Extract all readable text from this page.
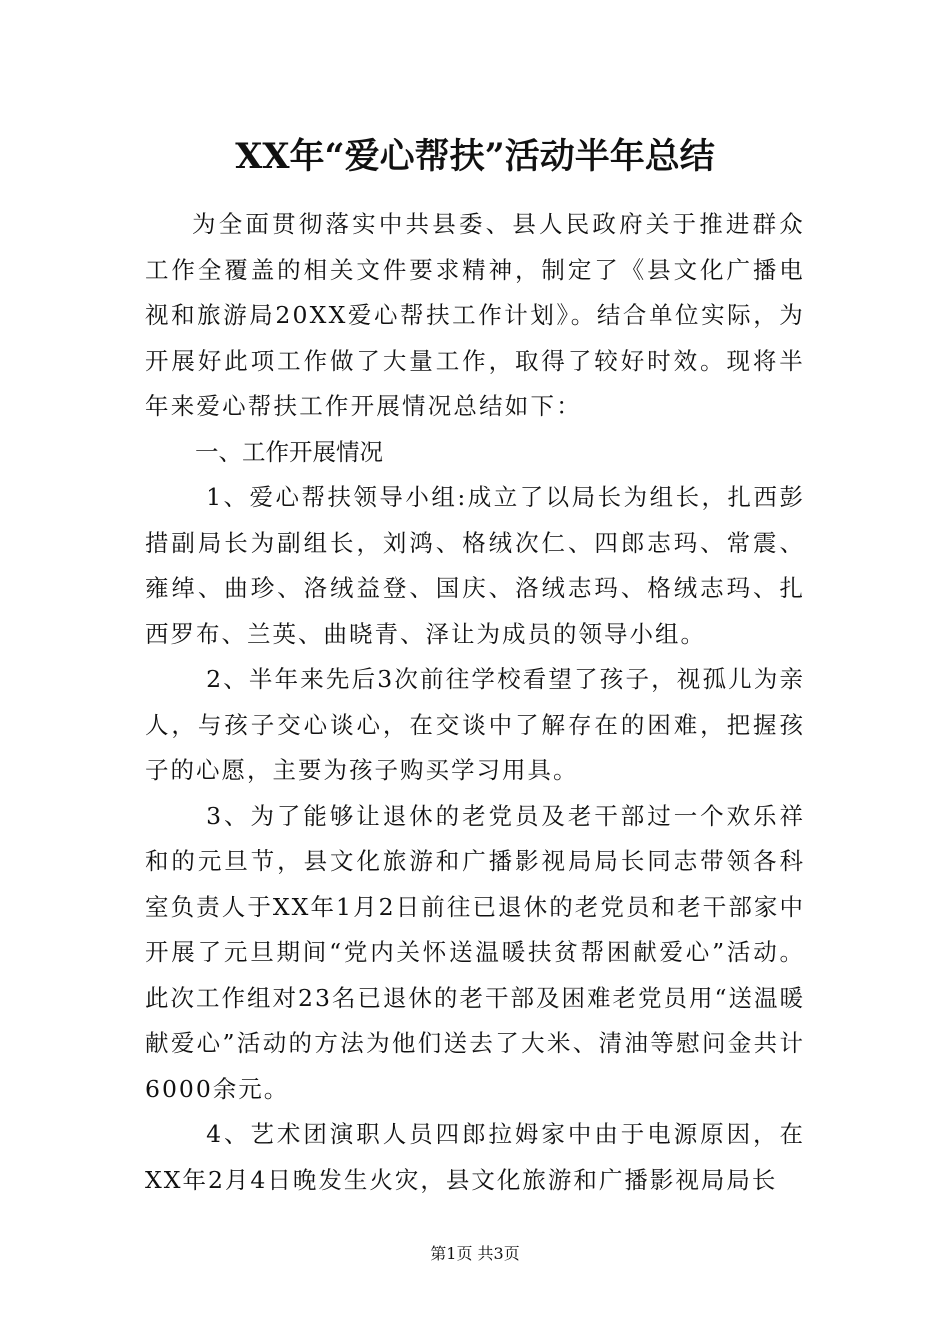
XX年“爱心帮扶”活动半年总结

为全面贯彻落实中共县委、县人民政府关于推进群众工作全覆盖的相关文件要求精神，制定了《县文化广播电视和旅游局20XX爱心帮扶工作计划》。结合单位实际，为开展好此项工作做了大量工作，取得了较好时效。现将半年来爱心帮扶工作开展情况总结如下：

一、工作开展情况

1、爱心帮扶领导小组:成立了以局长为组长，扎西彭措副局长为副组长，刘鸿、格绒次仁、四郎志玛、常震、雍绰、曲珍、洛绒益登、国庆、洛绒志玛、格绒志玛、扎西罗布、兰英、曲晓青、泽让为成员的领导小组。

2、半年来先后3次前往学校看望了孩子，视孤儿为亲人，与孩子交心谈心，在交谈中了解存在的困难，把握孩子的心愿，主要为孩子购买学习用具。

3、为了能够让退休的老党员及老干部过一个欢乐祥和的元旦节，县文化旅游和广播影视局局长同志带领各科室负责人于XX年1月2日前往已退休的老党员和老干部家中开展了元旦期间“党内关怀送温暖扶贫帮困献爱心”活动。此次工作组对23名已退休的老干部及困难老党员用“送温暖献爱心”活动的方法为他们送去了大米、清油等慰问金共计6000余元。

4、艺术团演职人员四郎拉姆家中由于电源原因，在XX年2月4日晚发生火灾，县文化旅游和广播影视局局长

第1页 共3页
